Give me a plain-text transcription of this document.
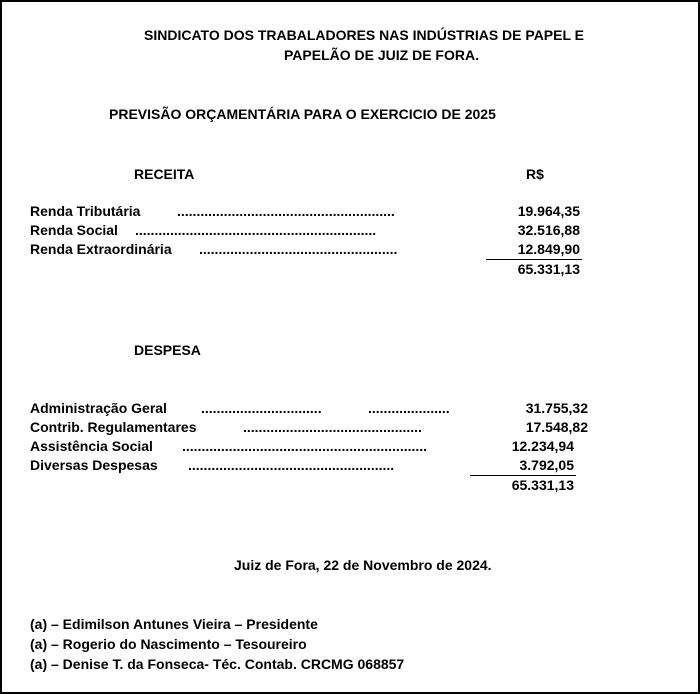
SINDICATO DOS TRABALADORES NAS INDÚSTRIAS DE PAPEL E
PAPELÃO DE JUIZ DE FORA.
PREVISÃO ORÇAMENTÁRIA PARA O EXERCICIO DE 2025
RECEITA	R$
Renda Tributária	........................................................	19.964,35
Renda Social ..............................................................	32.516,88
Renda Extraordinária ...................................................	12.849,90
65.331,13
DESPESA
Administração Geral ...............................	.....................	31.755,32
Contrib. Regulamentares	..............................................	17.548,82
Assistência Social ...............................................................	12.234,94
Diversas Despesas .....................................................	3.792,05
65.331,13
Juiz de Fora, 22 de Novembro de 2024.
(a) – Edimilson Antunes Vieira – Presidente
(a) – Rogerio do Nascimento – Tesoureiro
(a) – Denise T. da Fonseca- Téc. Contab. CRCMG 068857
